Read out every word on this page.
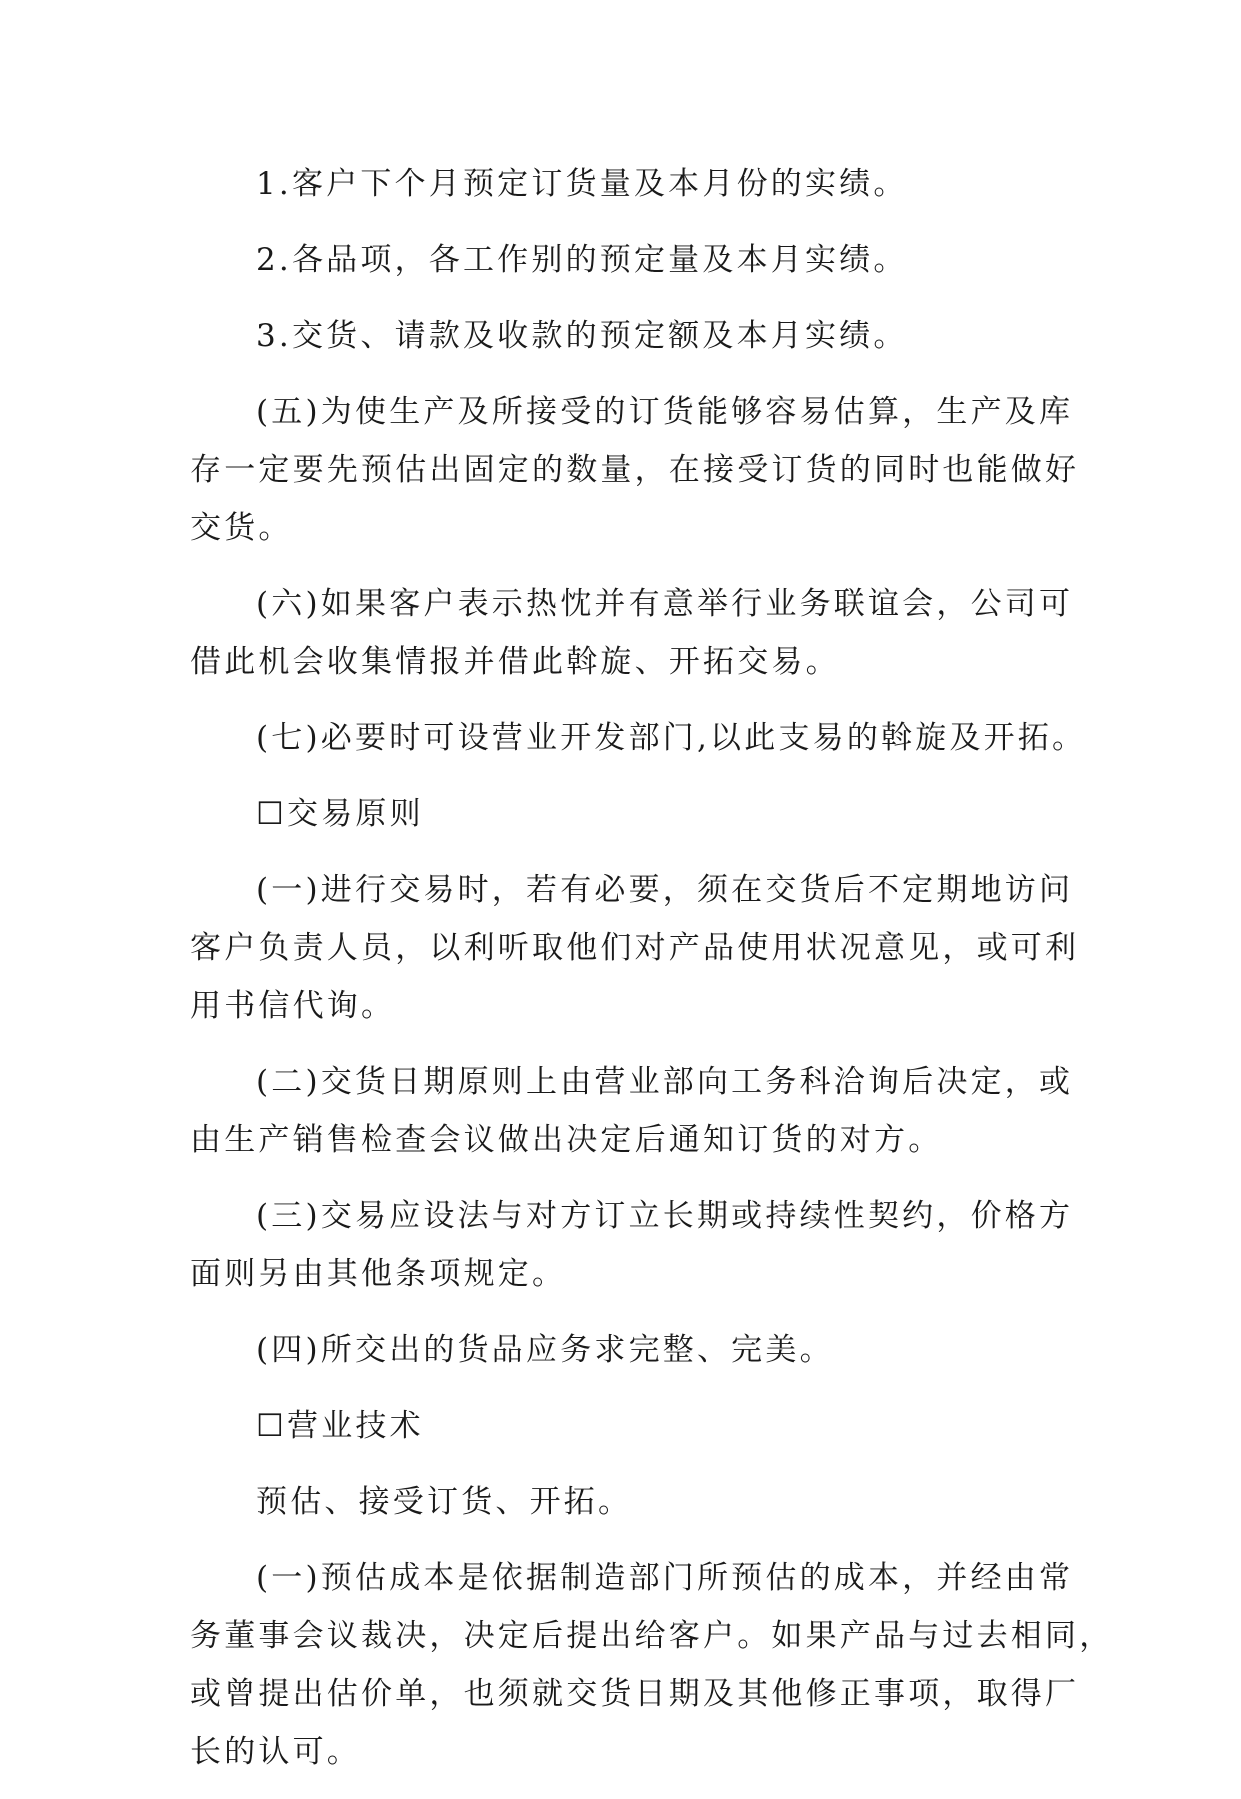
1.客户下个月预定订货量及本月份的实绩。
2.各品项，各工作别的预定量及本月实绩。
3.交货、请款及收款的预定额及本月实绩。
(五)为使生产及所接受的订货能够容易估算，生产及库
存一定要先预估出固定的数量，在接受订货的同时也能做好
交货。
(六)如果客户表示热忱并有意举行业务联谊会，公司可
借此机会收集情报并借此斡旋、开拓交易。
(七)必要时可设营业开发部门,以此支易的斡旋及开拓。
☐交易原则
(一)进行交易时，若有必要，须在交货后不定期地访问
客户负责人员，以利听取他们对产品使用状况意见，或可利
用书信代询。
(二)交货日期原则上由营业部向工务科洽询后决定，或
由生产销售检查会议做出决定后通知订货的对方。
(三)交易应设法与对方订立长期或持续性契约，价格方
面则另由其他条项规定。
(四)所交出的货品应务求完整、完美。
☐营业技术
预估、接受订货、开拓。
(一)预估成本是依据制造部门所预估的成本，并经由常
务董事会议裁决，决定后提出给客户。如果产品与过去相同，
或曾提出估价单，也须就交货日期及其他修正事项，取得厂
长的认可。
